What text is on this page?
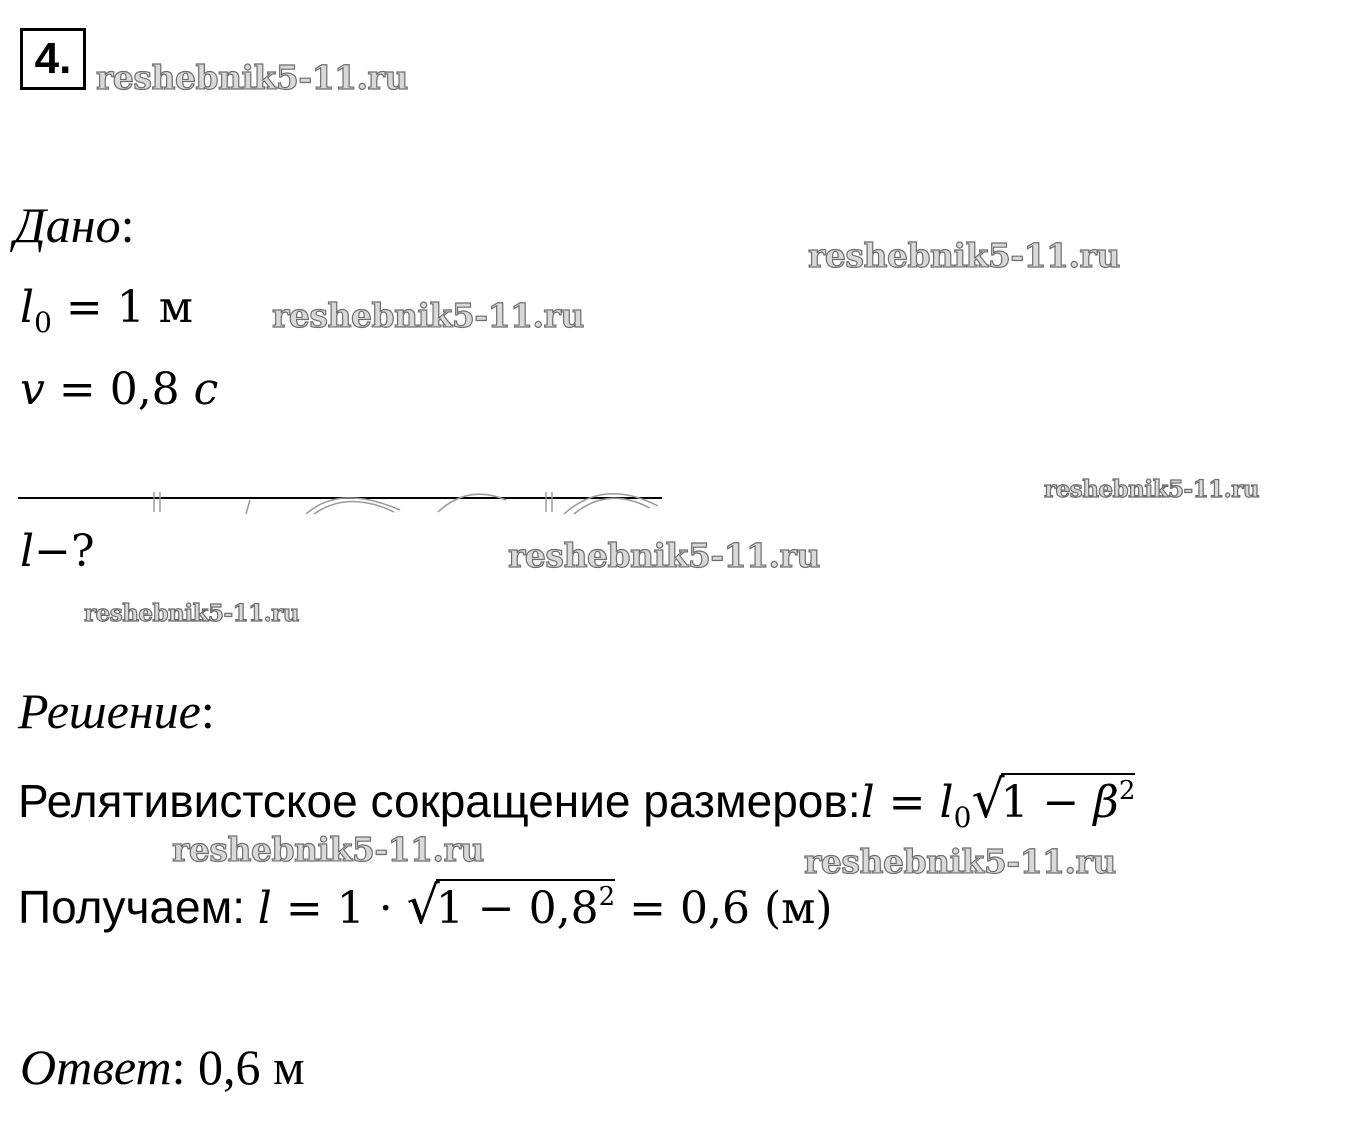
4. reshebnik5-11.ru
reshebnik5-11.ru
reshebnik5-11.ru
reshebnik5-11.ru
reshebnik5-11.ru
reshebnik5-11.ru
reshebnik5-11.ru	reshebnik5-11.ru
Дано:
$l_0 = 1$ м
v = 0,8 c
l−?
Решение:
Релятивистское сокращение размеров:l = $l_0√1 - \beta^2$
Получаем: $l = 1 \cdot √1 - 0,8^2 = 0,6$ (м)
Ответ: 0,6 м
